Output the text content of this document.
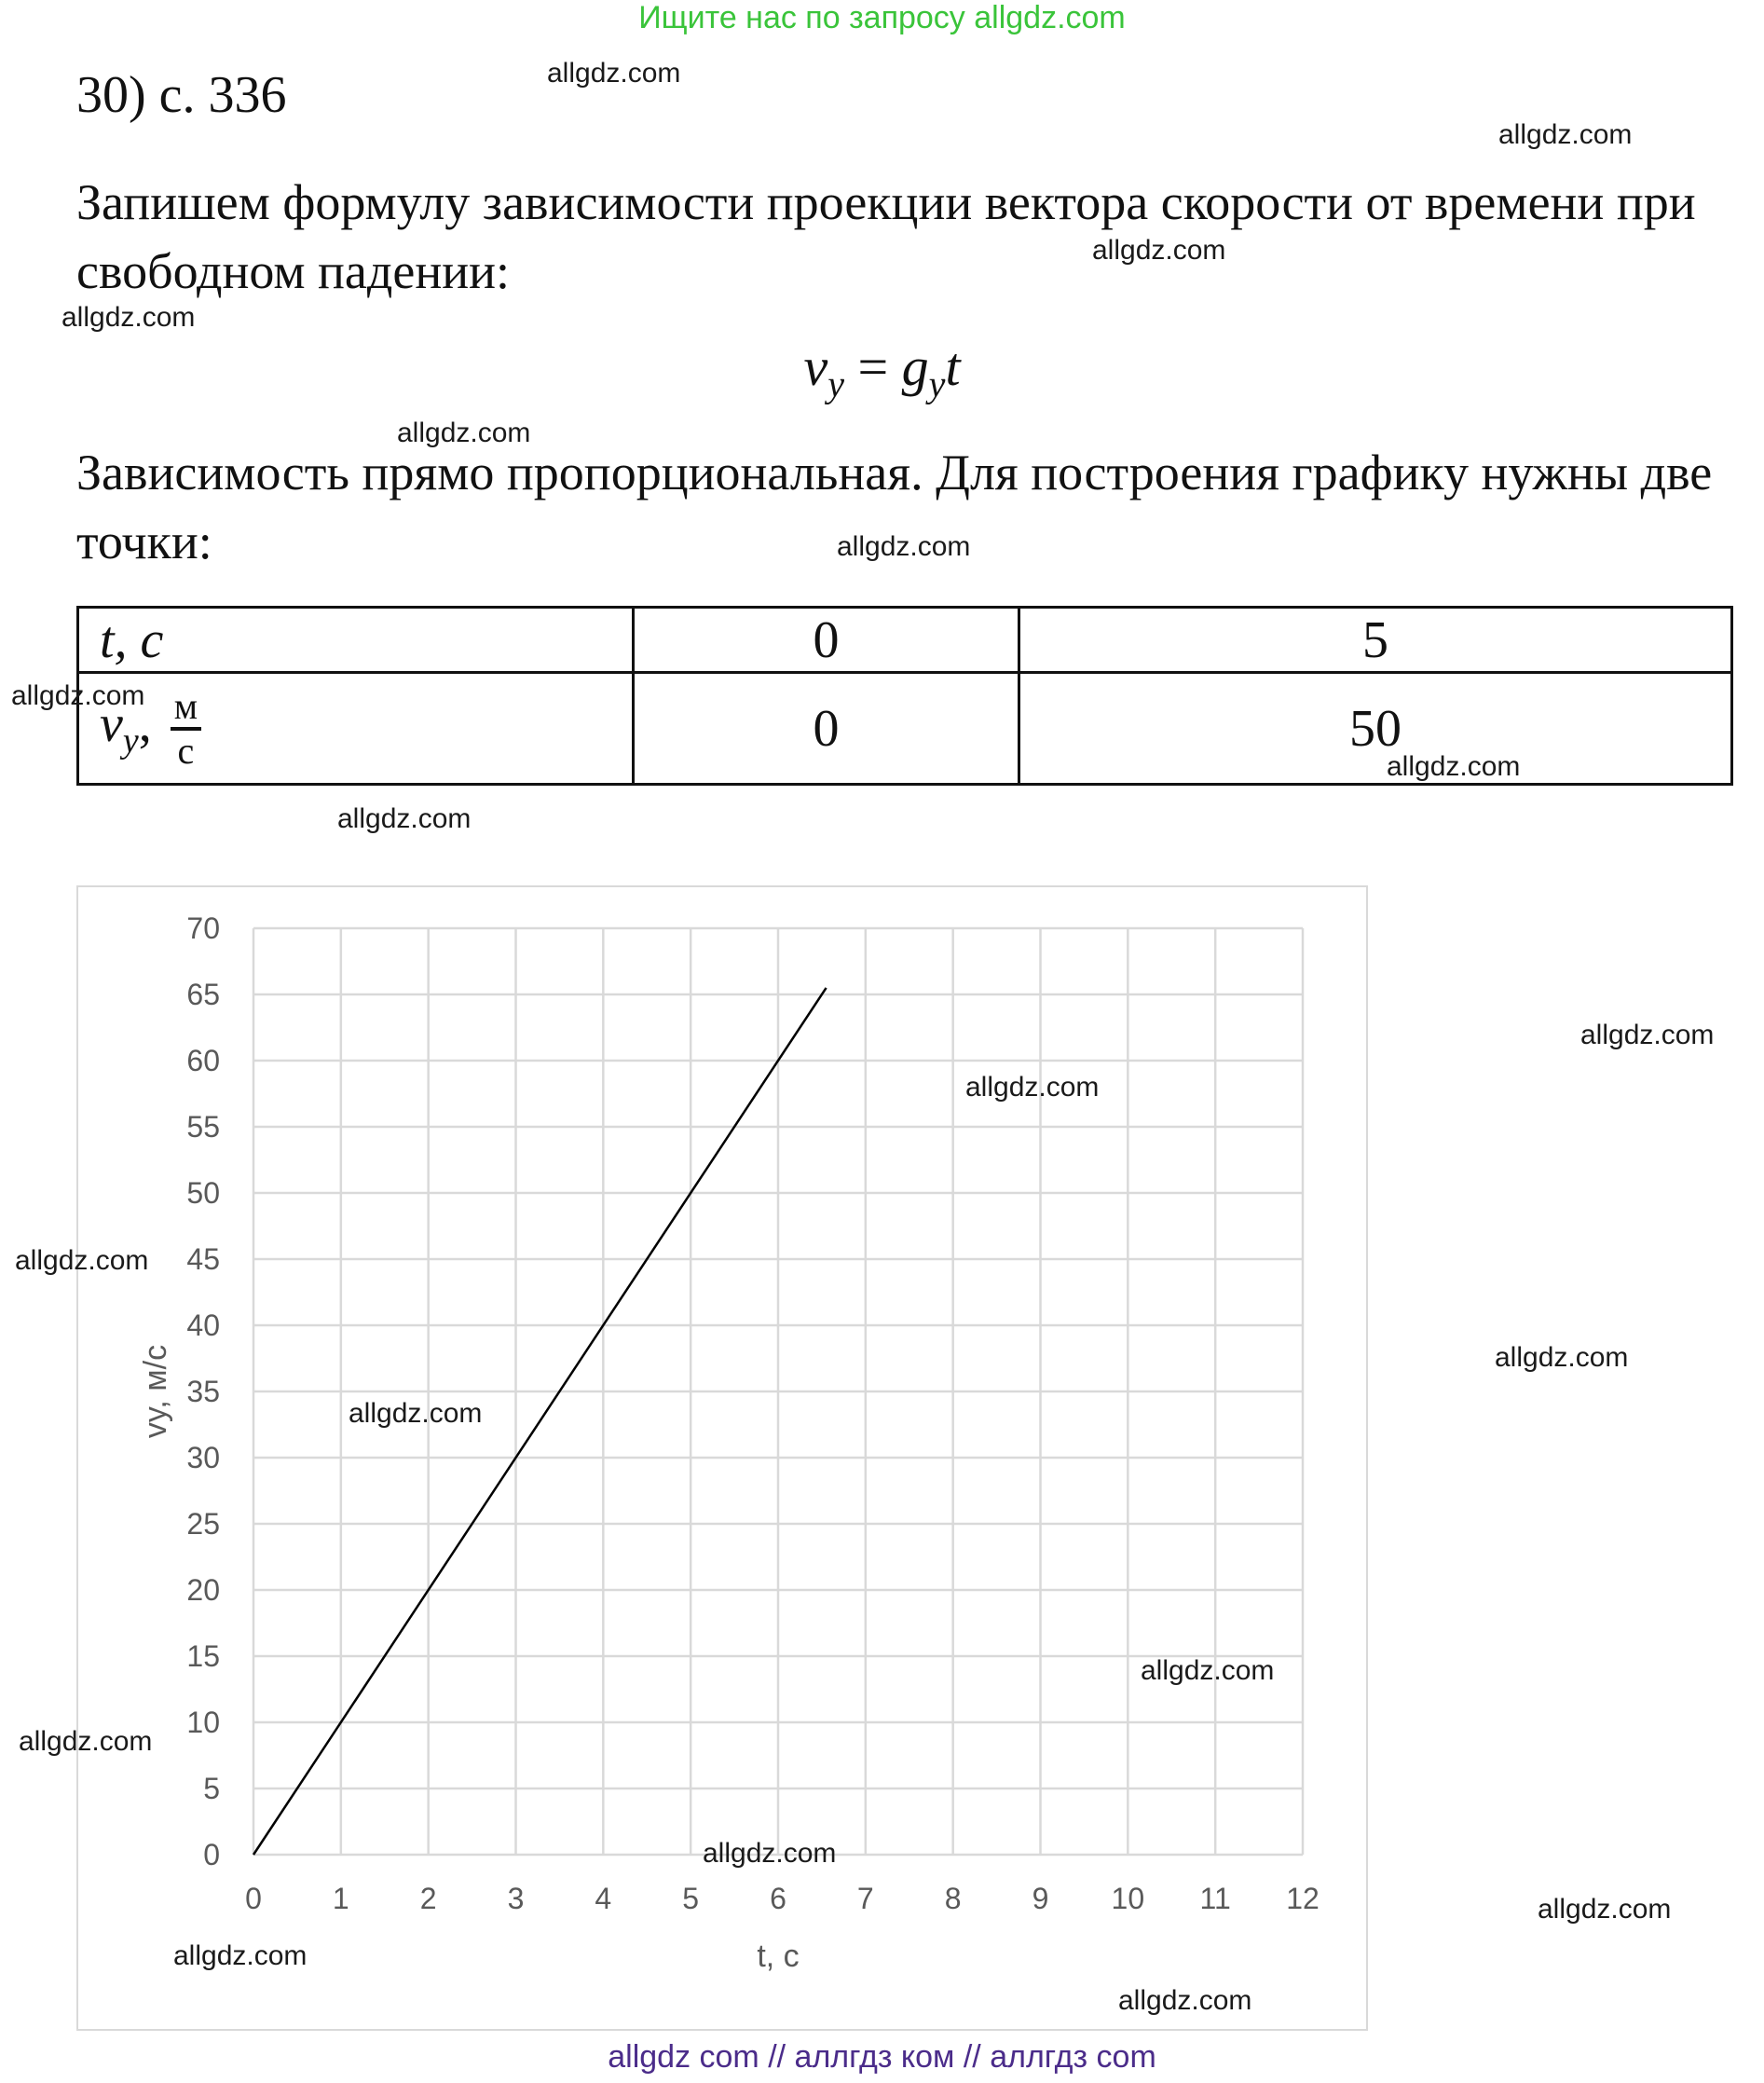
Ищите нас по запросу allgdz.com
30) с. 336
Запишем формулу зависимости проекции вектора скорости от времени при свободном падении:
$v_y = g_yt$
Зависимость прямо пропорциональная. Для построения графику нужны две точки:
t, с	0	5
$v_y$, $\frac{м}{с}$	0	50
0 1 2 3 4 5 6 7 8 9 10 11 12
0
5
10
15
20
25
30
35
40
45
50
55
60
65
70
t, с
vy, м/с
allgdz.com
allgdz.com
allgdz.com
allgdz.com
allgdz.com
allgdz.com
allgdz.com
allgdz.com
allgdz.com
allgdz.com
allgdz.com
allgdz.com
allgdz.com
allgdz.com
allgdz.com
allgdz.com
allgdz.com
allgdz.com
allgdz.com
allgdz.com
allgdz com // аллгдз ком // аллгдз com
